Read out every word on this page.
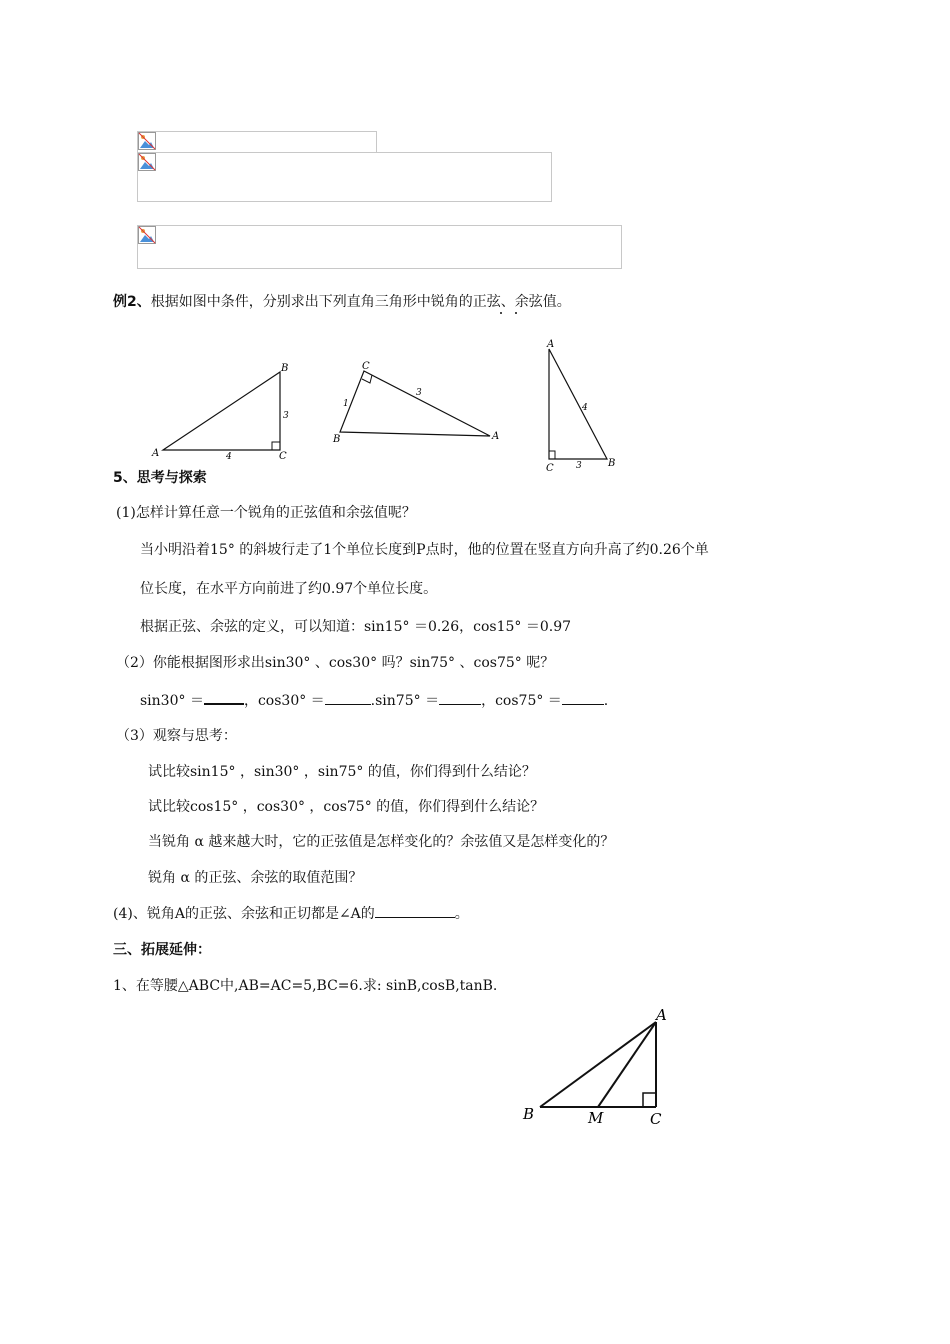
例2、根据如图中条件，分别求出下列直角三角形中锐角的正弦、余弦值。
A
B
C
3
4
C
A
B
1
3
A
C	B
4
3
5、思考与探索
(1)怎样计算任意一个锐角的正弦值和余弦值呢？
当小明沿着15° 的斜坡行走了1个单位长度到P点时，他的位置在竖直方向升高了约0.26个单
位长度，在水平方向前进了约0.97个单位长度。
根据正弦、余弦的定义，可以知道：sin15° ＝0.26，cos15° ＝0.97
（2）你能根据图形求出sin30° 、cos30° 吗？sin75° 、cos75° 呢？
sin30° ＝	，cos30° ＝	.sin75° ＝	，cos75° ＝	.
（3）观察与思考：
试比较sin15° ，sin30° ，sin75° 的值，你们得到什么结论？
试比较cos15° ，cos30° ，cos75° 的值，你们得到什么结论？
当锐角 α 越来越大时，它的正弦值是怎样变化的？余弦值又是怎样变化的？
锐角 α 的正弦、余弦的取值范围？
(4)、锐角A的正弦、余弦和正切都是∠A的	。
三、拓展延伸：
1、在等腰△ABC中,AB=AC=5,BC=6.求: sinB,cosB,tanB.
A
B	M	C
